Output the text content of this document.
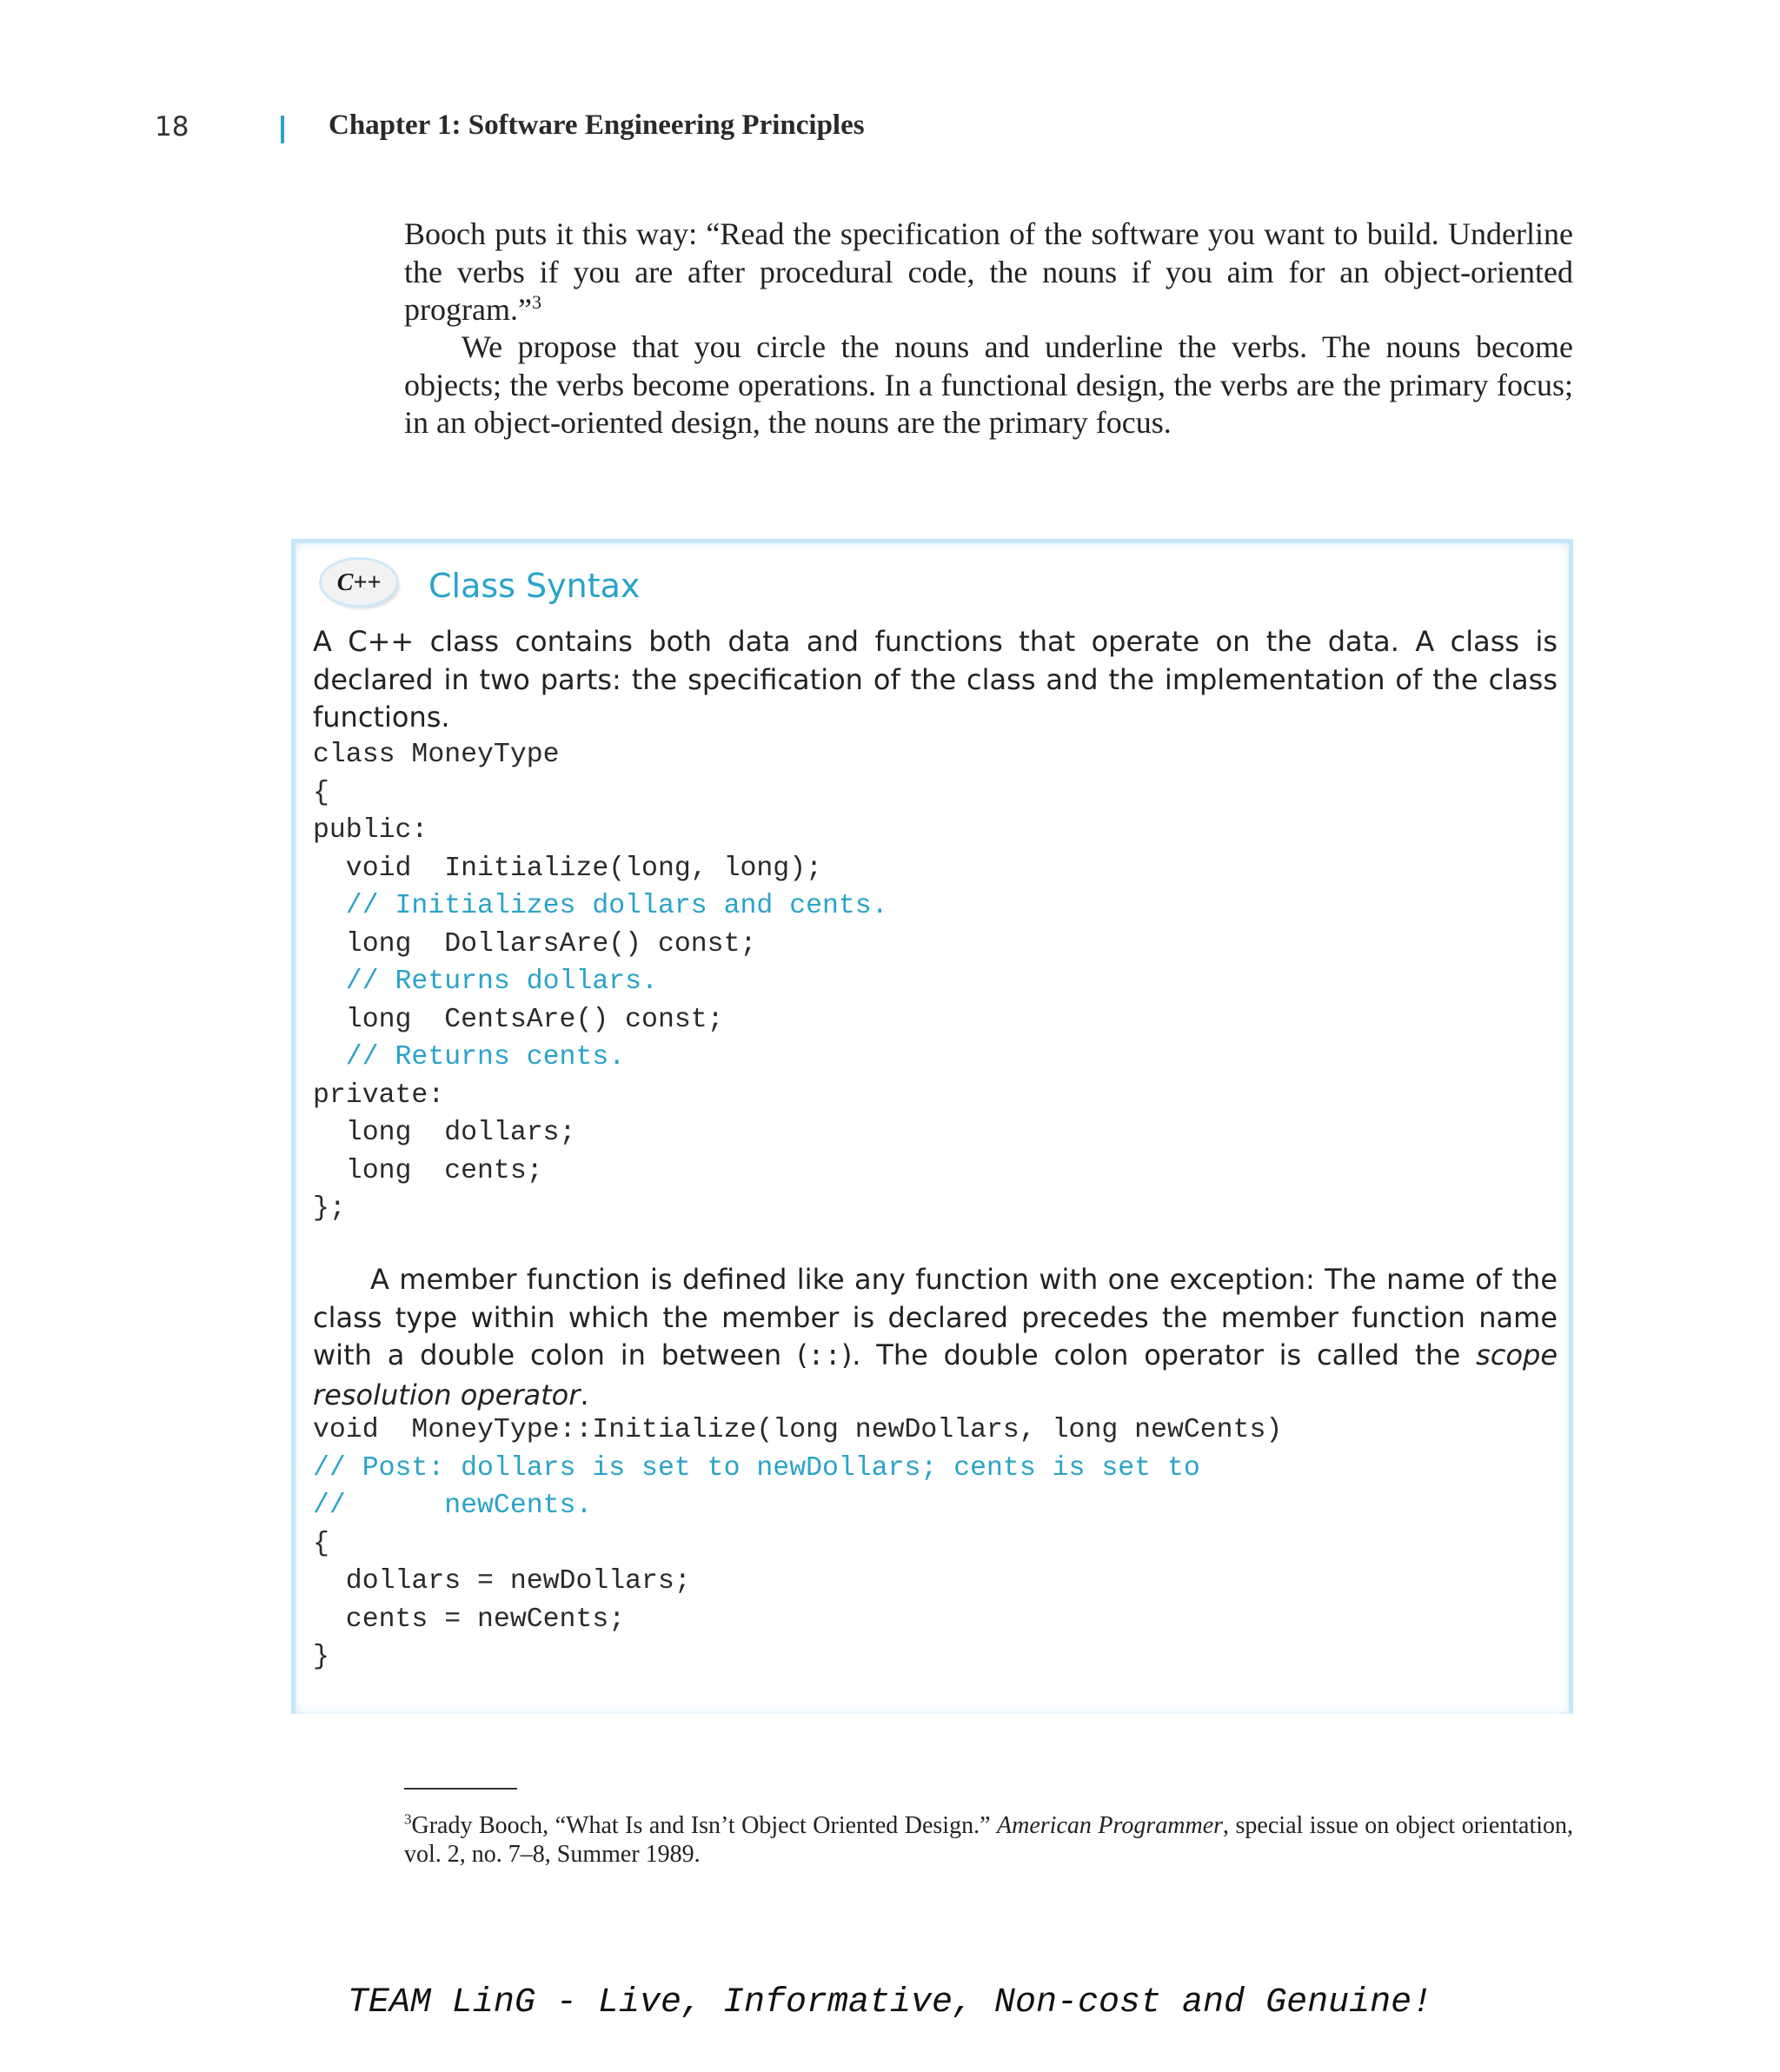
18	Chapter 1: Software Engineering Principles

Booch puts it this way: “Read the specification of the software you want to build. Underline the verbs if you are after procedural code, the nouns if you aim for an object-oriented program.”$^3$

We propose that you circle the nouns and underline the verbs. The nouns become objects; the verbs become operations. In a functional design, the verbs are the primary focus; in an object-oriented design, the nouns are the primary focus.

C++ Class Syntax

A C++ class contains both data and functions that operate on the data. A class is declared in two parts: the specification of the class and the implementation of the class functions.

class MoneyType
{
public:
void  Initialize(long, long);
// Initializes dollars and cents.
long  DollarsAre() const;
// Returns dollars.
long  CentsAre() const;
// Returns cents.
private:
long  dollars;
long  cents;
};

A member function is defined like any function with one exception: The name of the class type within which the member is declared precedes the member function name with a double colon in between (::). The double colon operator is called the scope resolution operator.

void  MoneyType::Initialize(long newDollars, long newCents)
// Post: dollars is set to newDollars; cents is set to
//      newCents.
{
dollars = newDollars;
cents = newCents;
}

$^3$Grady Booch, “What Is and Isn’t Object Oriented Design.” American Programmer, special issue on object orientation, vol. 2, no. 7–8, Summer 1989.

TEAM LinG - Live, Informative, Non-cost and Genuine!
